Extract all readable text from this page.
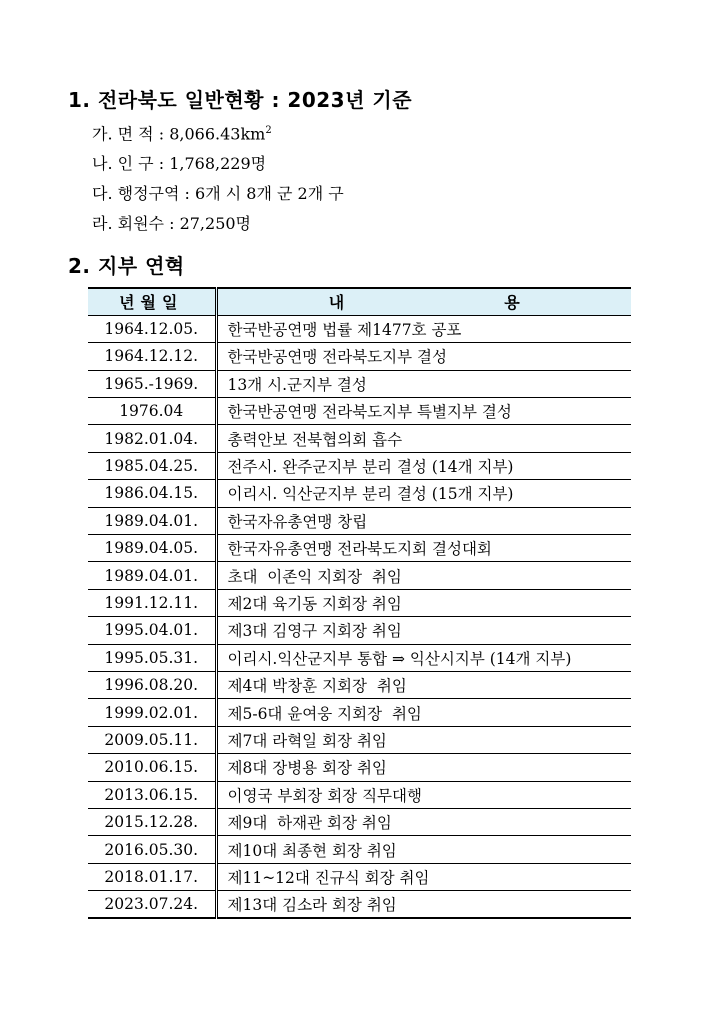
1. 전라북도 일반현황 : 2023년 기준
가. 면 적 : $8,066.43km^2$
나. 인 구 : 1,768,229명
다. 행정구역 : 6개 시 8개 군 2개 구
라. 회원수 : 27,250명
2. 지부 연혁
년월일	내 용
1964.12.05.	한국반공연맹 법률 제1477호 공포
1964.12.12.	한국반공연맹 전라북도지부 결성
1965.-1969.	13개 시.군지부 결성
1976.04	한국반공연맹 전라북도지부 특별지부 결성
1982.01.04.	총력안보 전북협의회 흡수
1985.04.25.	전주시. 완주군지부 분리 결성 (14개 지부)
1986.04.15.	이리시. 익산군지부 분리 결성 (15개 지부)
1989.04.01.	한국자유총연맹 창립
1989.04.05.	한국자유총연맹 전라북도지회 결성대회
1989.04.01.	초대  이존익 지회장  취임
1991.12.11.	제2대 육기동 지회장 취임
1995.04.01.	제3대 김영구 지회장 취임
1995.05.31.	이리시.익산군지부 통합 ⇒ 익산시지부 (14개 지부)
1996.08.20.	제4대 박창훈 지회장  취임
1999.02.01.	제5-6대 윤여웅 지회장  취임
2009.05.11.	제7대 라혁일 회장 취임
2010.06.15.	제8대 장병용 회장 취임
2013.06.15.	이영국 부회장 회장 직무대행
2015.12.28.	제9대  하재관 회장 취임
2016.05.30.	제10대 최종현 회장 취임
2018.01.17.	제11~12대 진규식 회장 취임
2023.07.24.	제13대 김소라 회장 취임
